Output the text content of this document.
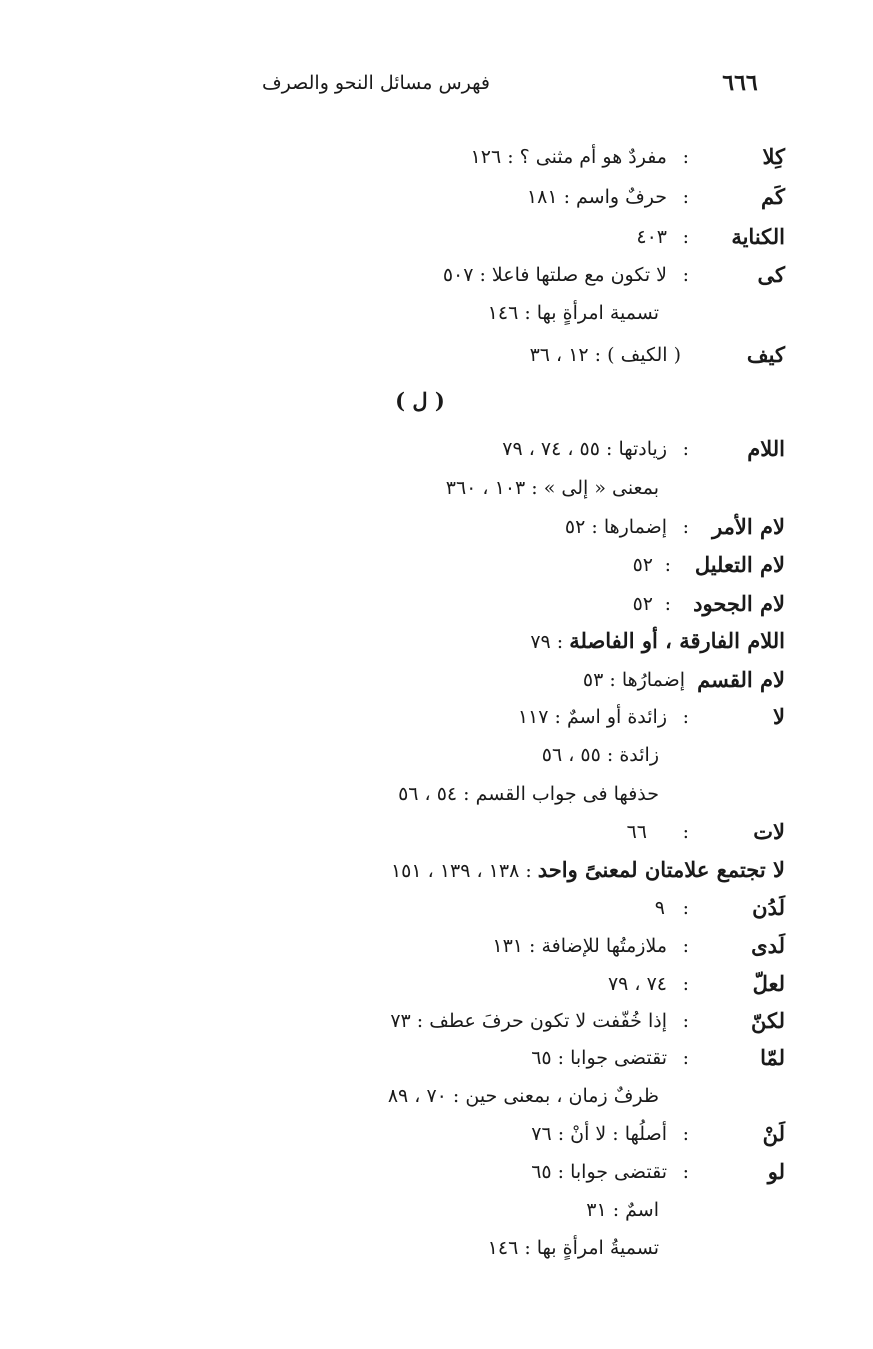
فهرس مسائل النحو والصرف	٦٦٦
كِلا
:
مفردٌ هو أم مثنى ؟ : ١٢٦
كَم
:
حرفٌ واسم : ١٨١
الكناية
:
٤٠٣
كى
:
لا تكون مع صلتها فاعلا : ٥٠٧
تسمية امرأةٍ بها : ١٤٦
كيف
( الكيف ) : ١٢ ، ٣٦
( ل )
اللام
:
زيادتها : ٥٥ ، ٧٤ ، ٧٩
بمعنى « إلى » : ١٠٣ ، ٣٦٠
لام الأمر
:
إضمارها : ٥٢
لام التعليل
:
٥٢
لام الجحود
:
٥٢
اللام الفارقة ، أو الفاصلة : ٧٩
لام القسم
إضمارُها : ٥٣
لا
:
زائدة أو اسمٌ : ١١٧
زائدة : ٥٥ ، ٥٦
حذفها فى جواب القسم : ٥٤ ، ٥٦
لات
:
٦٦
لا تجتمع علامتان لمعنىً واحد : ١٣٨ ، ١٣٩ ، ١٥١
لَدُن
:
٩
لَدى
:
ملازمتُها للإضافة : ١٣١
لعلّ
:
٧٤ ، ٧٩
لكنّ
:
إذا خُفّفت لا تكون حرفَ عطف : ٧٣
لمّا
:
تقتضى جوابا : ٦٥
ظرفٌ زمان ، بمعنى حين : ٧٠ ، ٨٩
لَنْ
:
أصلُها : لا أنْ : ٧٦
لو
:
تقتضى جوابا : ٦٥
اسمٌ : ٣١
تسميةُ امرأةٍ بها : ١٤٦
